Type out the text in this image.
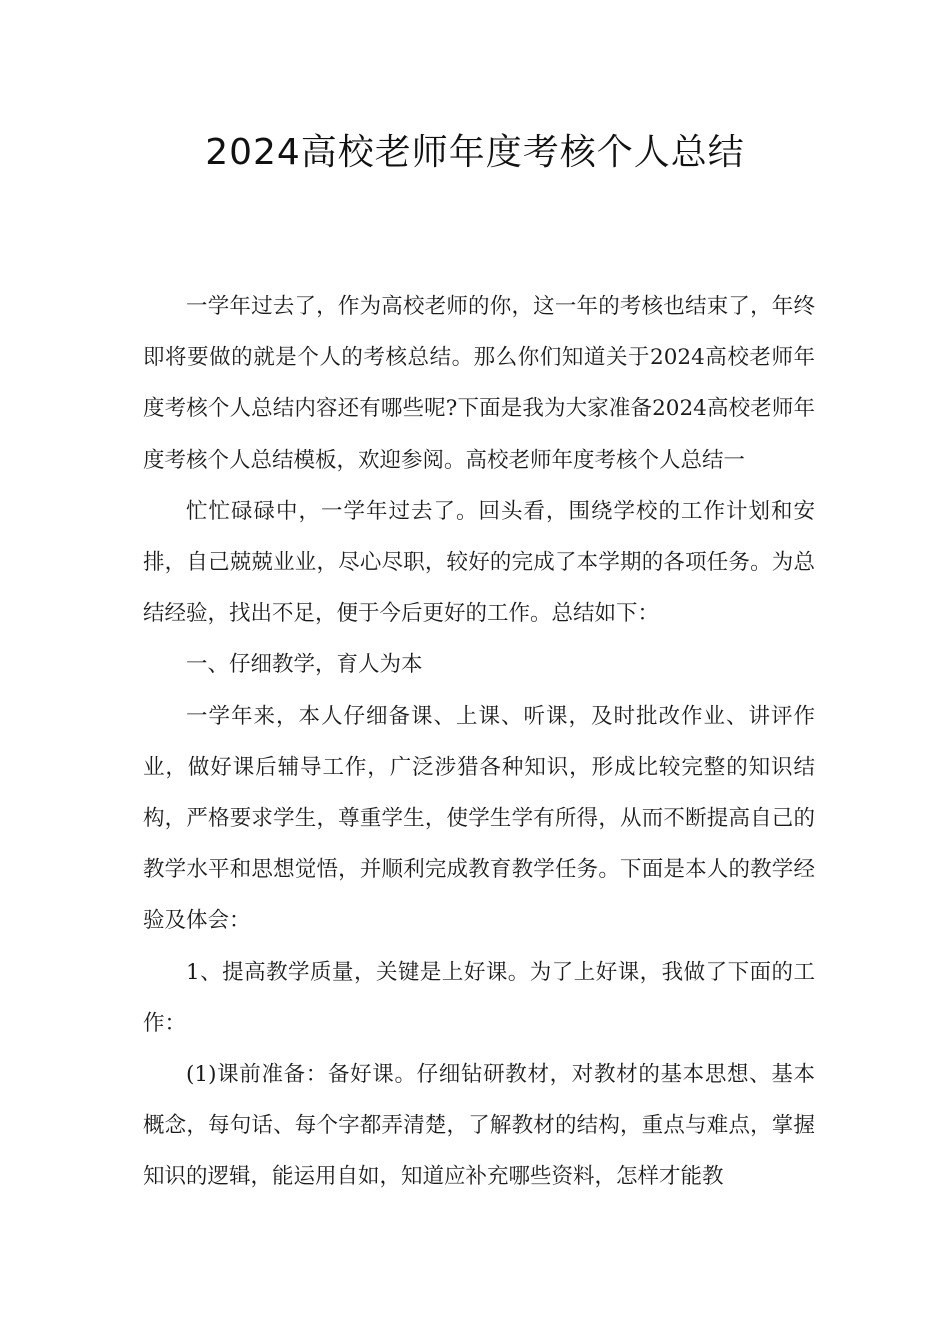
2024高校老师年度考核个人总结

一学年过去了，作为高校老师的你，这一年的考核也结束了，年终即将要做的就是个人的考核总结。那么你们知道关于2024高校老师年度考核个人总结内容还有哪些呢?下面是我为大家准备2024高校老师年度考核个人总结模板，欢迎参阅。高校老师年度考核个人总结一

忙忙碌碌中，一学年过去了。回头看，围绕学校的工作计划和安排，自己兢兢业业，尽心尽职，较好的完成了本学期的各项任务。为总结经验，找出不足，便于今后更好的工作。总结如下：

一、仔细教学，育人为本

一学年来，本人仔细备课、上课、听课，及时批改作业、讲评作业，做好课后辅导工作，广泛涉猎各种知识，形成比较完整的知识结构，严格要求学生，尊重学生，使学生学有所得，从而不断提高自己的教学水平和思想觉悟，并顺利完成教育教学任务。下面是本人的教学经验及体会：

1、提高教学质量，关键是上好课。为了上好课，我做了下面的工作：

(1)课前准备：备好课。仔细钻研教材，对教材的基本思想、基本概念，每句话、每个字都弄清楚，了解教材的结构，重点与难点，掌握知识的逻辑，能运用自如，知道应补充哪些资料，怎样才能教
